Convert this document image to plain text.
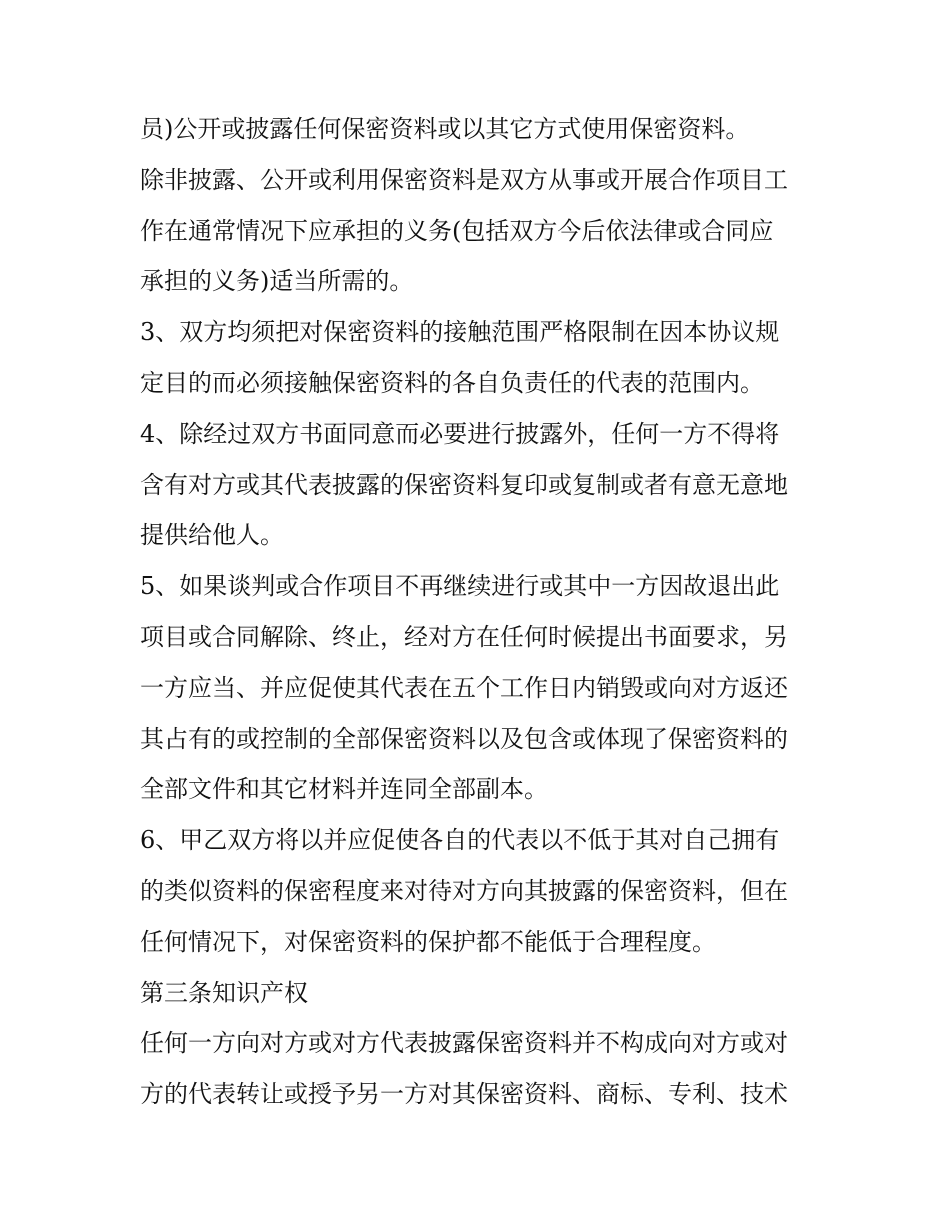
员)公开或披露任何保密资料或以其它方式使用保密资料。
除非披露、公开或利用保密资料是双方从事或开展合作项目工
作在通常情况下应承担的义务(包括双方今后依法律或合同应
承担的义务)适当所需的。
3、双方均须把对保密资料的接触范围严格限制在因本协议规
定目的而必须接触保密资料的各自负责任的代表的范围内。
4、除经过双方书面同意而必要进行披露外，任何一方不得将
含有对方或其代表披露的保密资料复印或复制或者有意无意地
提供给他人。
5、如果谈判或合作项目不再继续进行或其中一方因故退出此
项目或合同解除、终止，经对方在任何时候提出书面要求，另
一方应当、并应促使其代表在五个工作日内销毁或向对方返还
其占有的或控制的全部保密资料以及包含或体现了保密资料的
全部文件和其它材料并连同全部副本。
6、甲乙双方将以并应促使各自的代表以不低于其对自己拥有
的类似资料的保密程度来对待对方向其披露的保密资料，但在
任何情况下，对保密资料的保护都不能低于合理程度。
第三条知识产权
任何一方向对方或对方代表披露保密资料并不构成向对方或对
方的代表转让或授予另一方对其保密资料、商标、专利、技术
